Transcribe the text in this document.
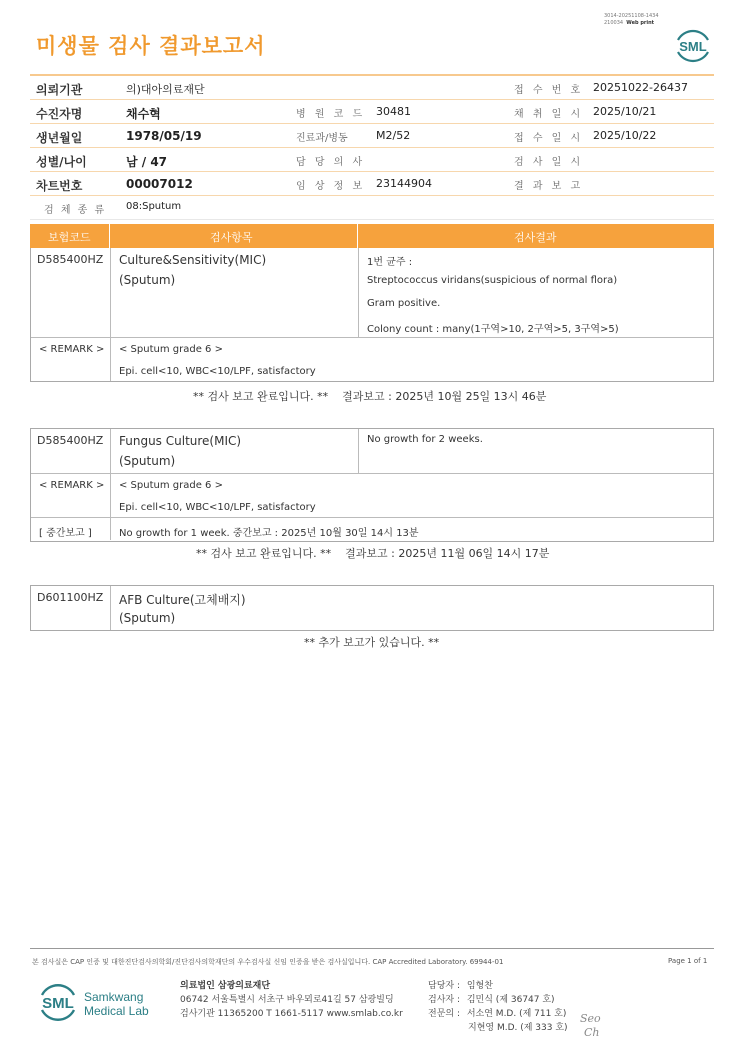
미생물 검사 결과보고서
3014-20251108-1434
210034 Web print
SML
의뢰기관	의)대아의료재단	접 수 번 호 20251022-26437
수진자명	채수혁	병 원 코 드 30481	채 취 일 시 2025/10/21
생년월일	1978/05/19	진료과/병동	M2/52	접 수 일 시 2025/10/22
성별/나이	남 / 47	담 당 의 사	검 사 일 시
차트번호	00007012	임 상 정 보 23144904	결 과 보 고
검 체 종 류 08:Sputum
보험코드	검사항목	검사결과
D585400HZ Culture&Sensitivity(MIC)
(Sputum)
1번 균주 :
Streptococcus viridans(suspicious of normal flora)
Gram positive.
Colony count : many(1구역>10, 2구역>5, 3구역>5)
< REMARK > < Sputum grade 6 >
Epi. cell<10, WBC<10/LPF, satisfactory
** 검사 보고 완료입니다. ** 결과보고 : 2025년 10월 25일 13시 46분
D585400HZ Fungus Culture(MIC)
(Sputum)
No growth for 2 weeks.
< REMARK > < Sputum grade 6 >
Epi. cell<10, WBC<10/LPF, satisfactory
[ 중간보고 ]	No growth for 1 week. 중간보고 : 2025년 10월 30일 14시 13분
** 검사 보고 완료입니다. ** 결과보고 : 2025년 11월 06일 14시 17분
D601100HZ AFB Culture(고체배지)
(Sputum)
** 추가 보고가 있습니다. **
본 검사실은 CAP 인증 및 대한진단검사의학회/진단검사의학재단의 우수검사실 신임 인증을 받은 검사실입니다. CAP Accredited Laboratory. 69944-01	Page 1 of 1
SML Samkwang
Medical Lab
의료법인 삼광의료재단
06742 서울특별시 서초구 바우뫼로41길 57 삼광빌딩
검사기관 11365200 T 1661-5117 www.smlab.co.kr
담당자 : 임형찬
검사자 : 김민식 (제 36747 호)
전문의 : 서소연 M.D. (제 711 호)
지현영 M.D. (제 333 호)
Seo
Ch
